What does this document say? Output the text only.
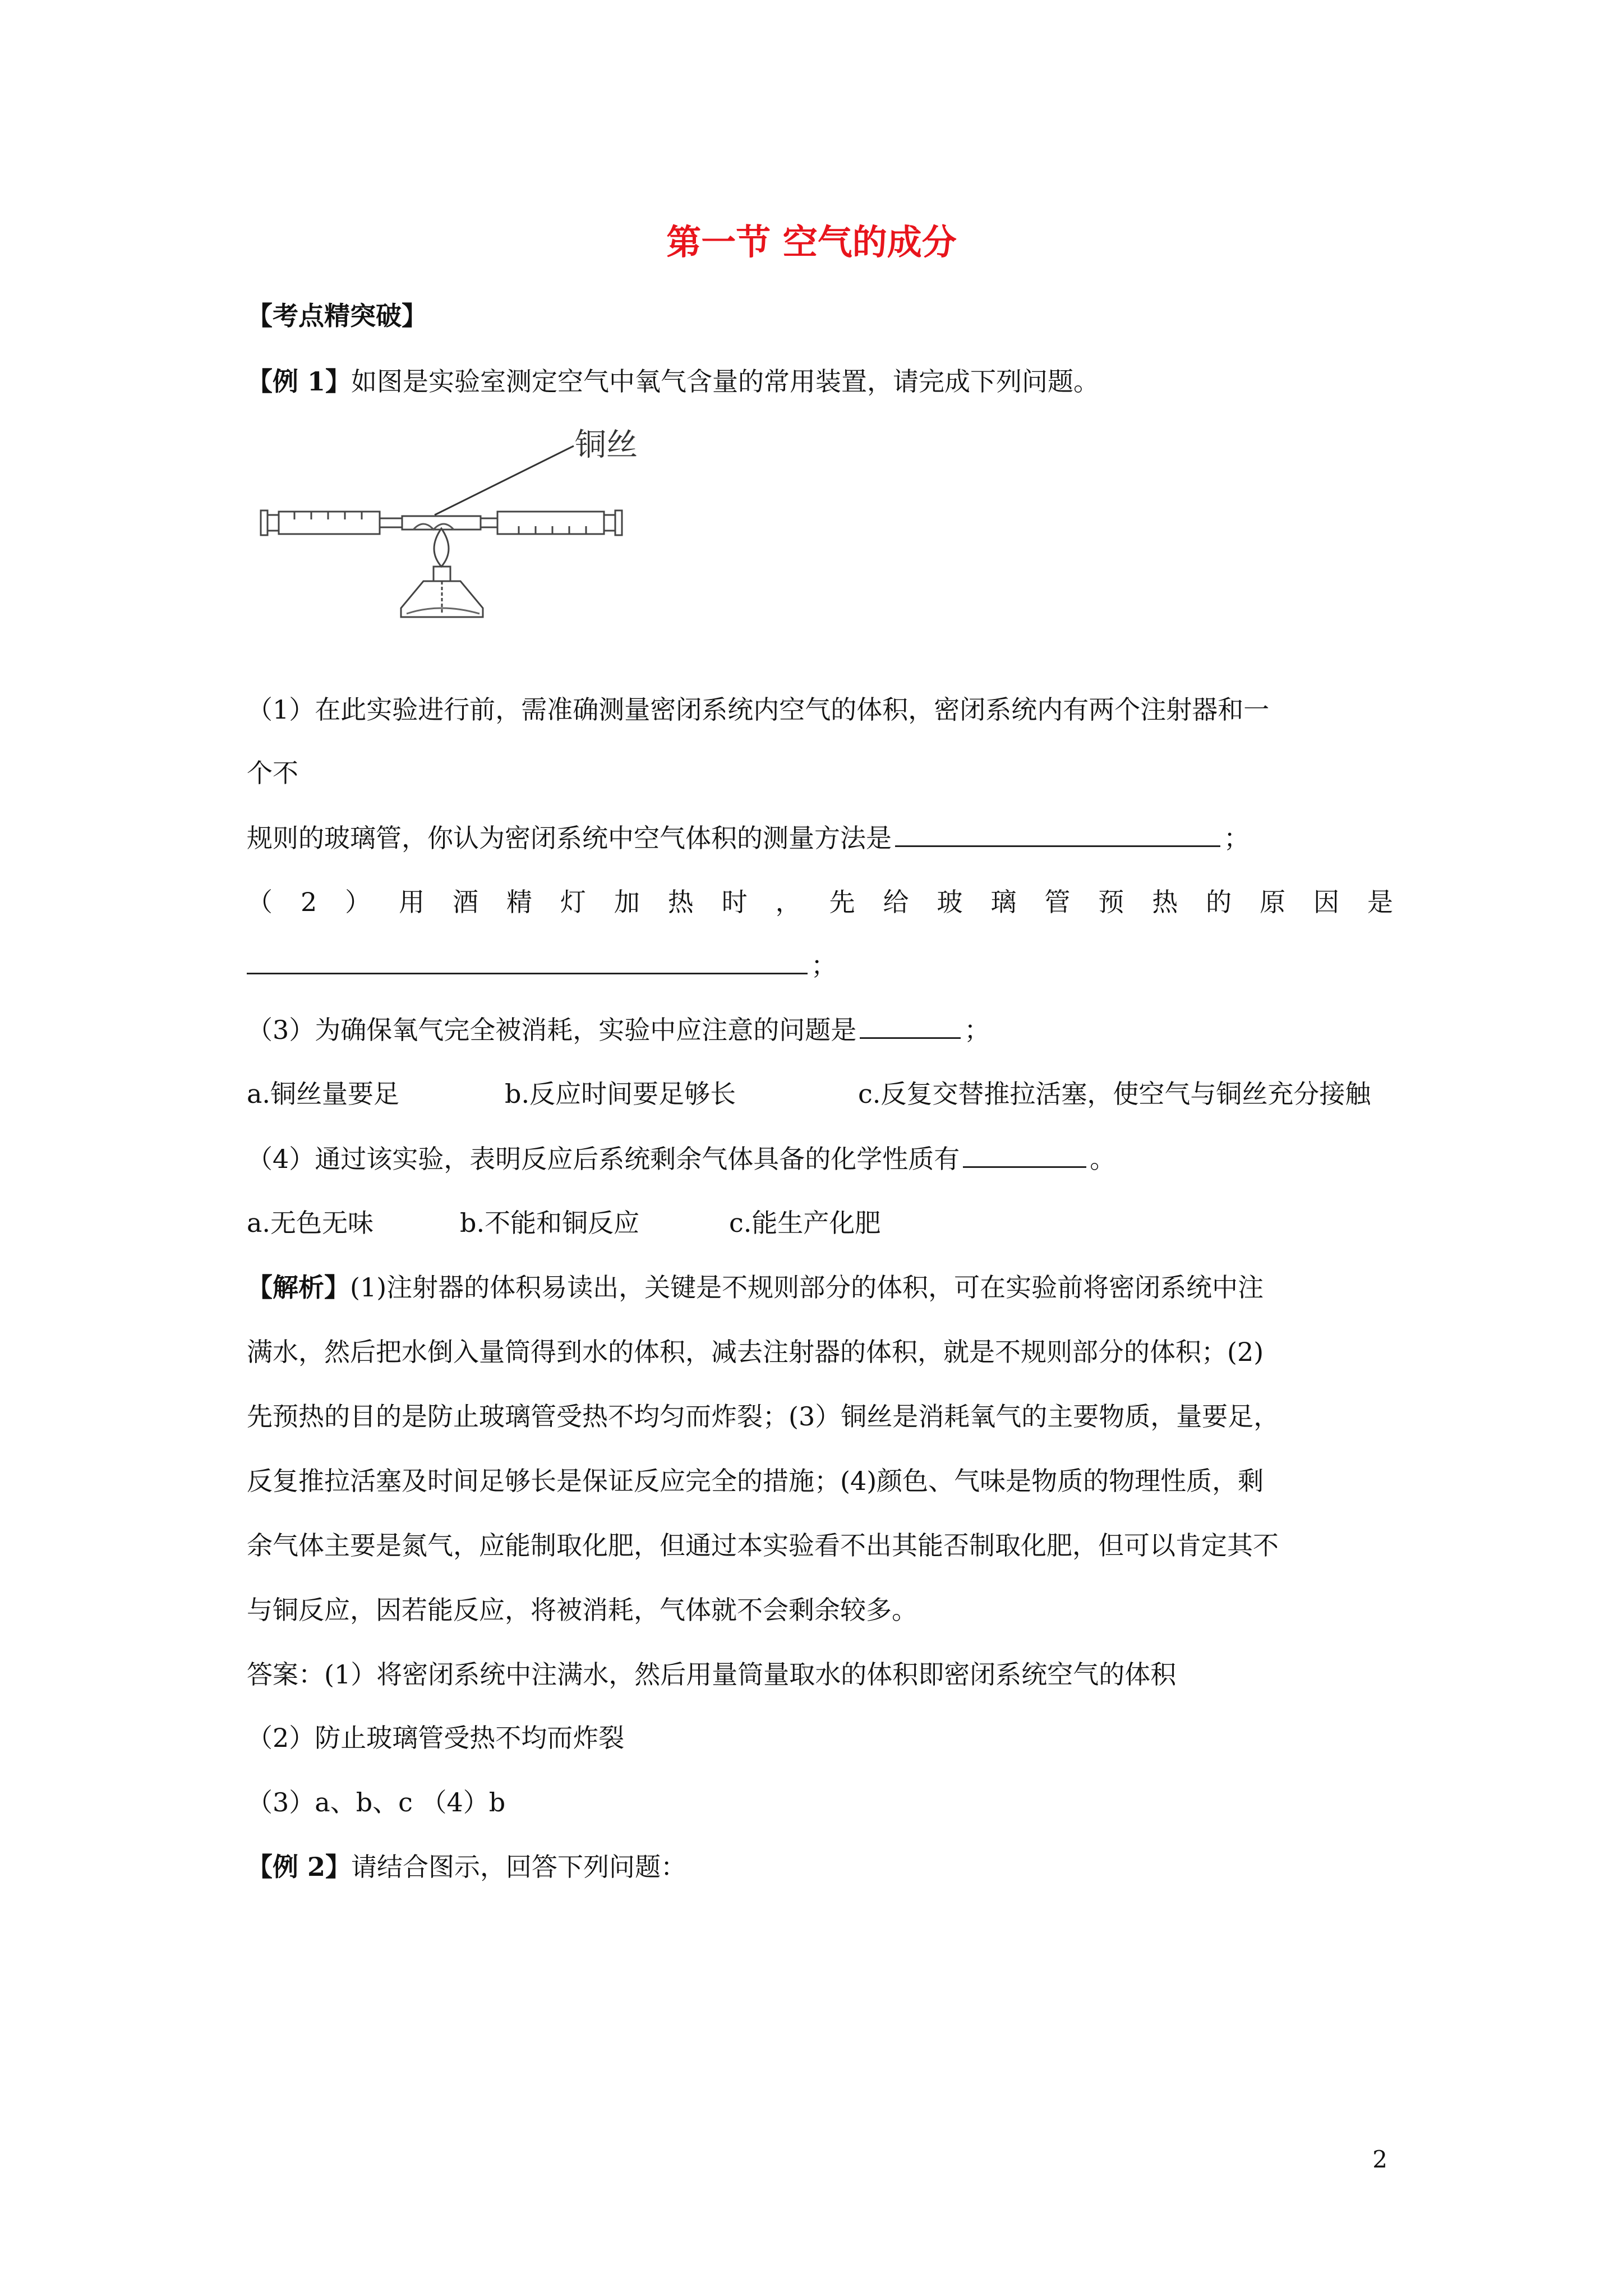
第一节 空气的成分
【考点精突破】
【例 1】如图是实验室测定空气中氧气含量的常用装置，请完成下列问题。
铜丝
（1）在此实验进行前，需准确测量密闭系统内空气的体积，密闭系统内有两个注射器和一
个不
规则的玻璃管，你认为密闭系统中空气体积的测量方法是	；
（ 2 ） 用 酒 精 灯 加 热 时 ， 先 给 玻 璃 管 预 热 的 原 因 是
；
（3）为确保氧气完全被消耗，实验中应注意的问题是	；
a.铜丝量要足	b.反应时间要足够长	c.反复交替推拉活塞，使空气与铜丝充分接触
（4）通过该实验，表明反应后系统剩余气体具备的化学性质有	。
a.无色无味	b.不能和铜反应	c.能生产化肥
【解析】(1)注射器的体积易读出，关键是不规则部分的体积，可在实验前将密闭系统中注
满水，然后把水倒入量筒得到水的体积，减去注射器的体积，就是不规则部分的体积；(2)
先预热的目的是防止玻璃管受热不均匀而炸裂；(3）铜丝是消耗氧气的主要物质，量要足，
反复推拉活塞及时间足够长是保证反应完全的措施；(4)颜色、气味是物质的物理性质，剩
余气体主要是氮气，应能制取化肥，但通过本实验看不出其能否制取化肥，但可以肯定其不
与铜反应，因若能反应，将被消耗，气体就不会剩余较多。
答案：(1）将密闭系统中注满水，然后用量筒量取水的体积即密闭系统空气的体积
（2）防止玻璃管受热不均而炸裂
（3）a、b、c （4）b
【例 2】请结合图示，回答下列问题：
2
